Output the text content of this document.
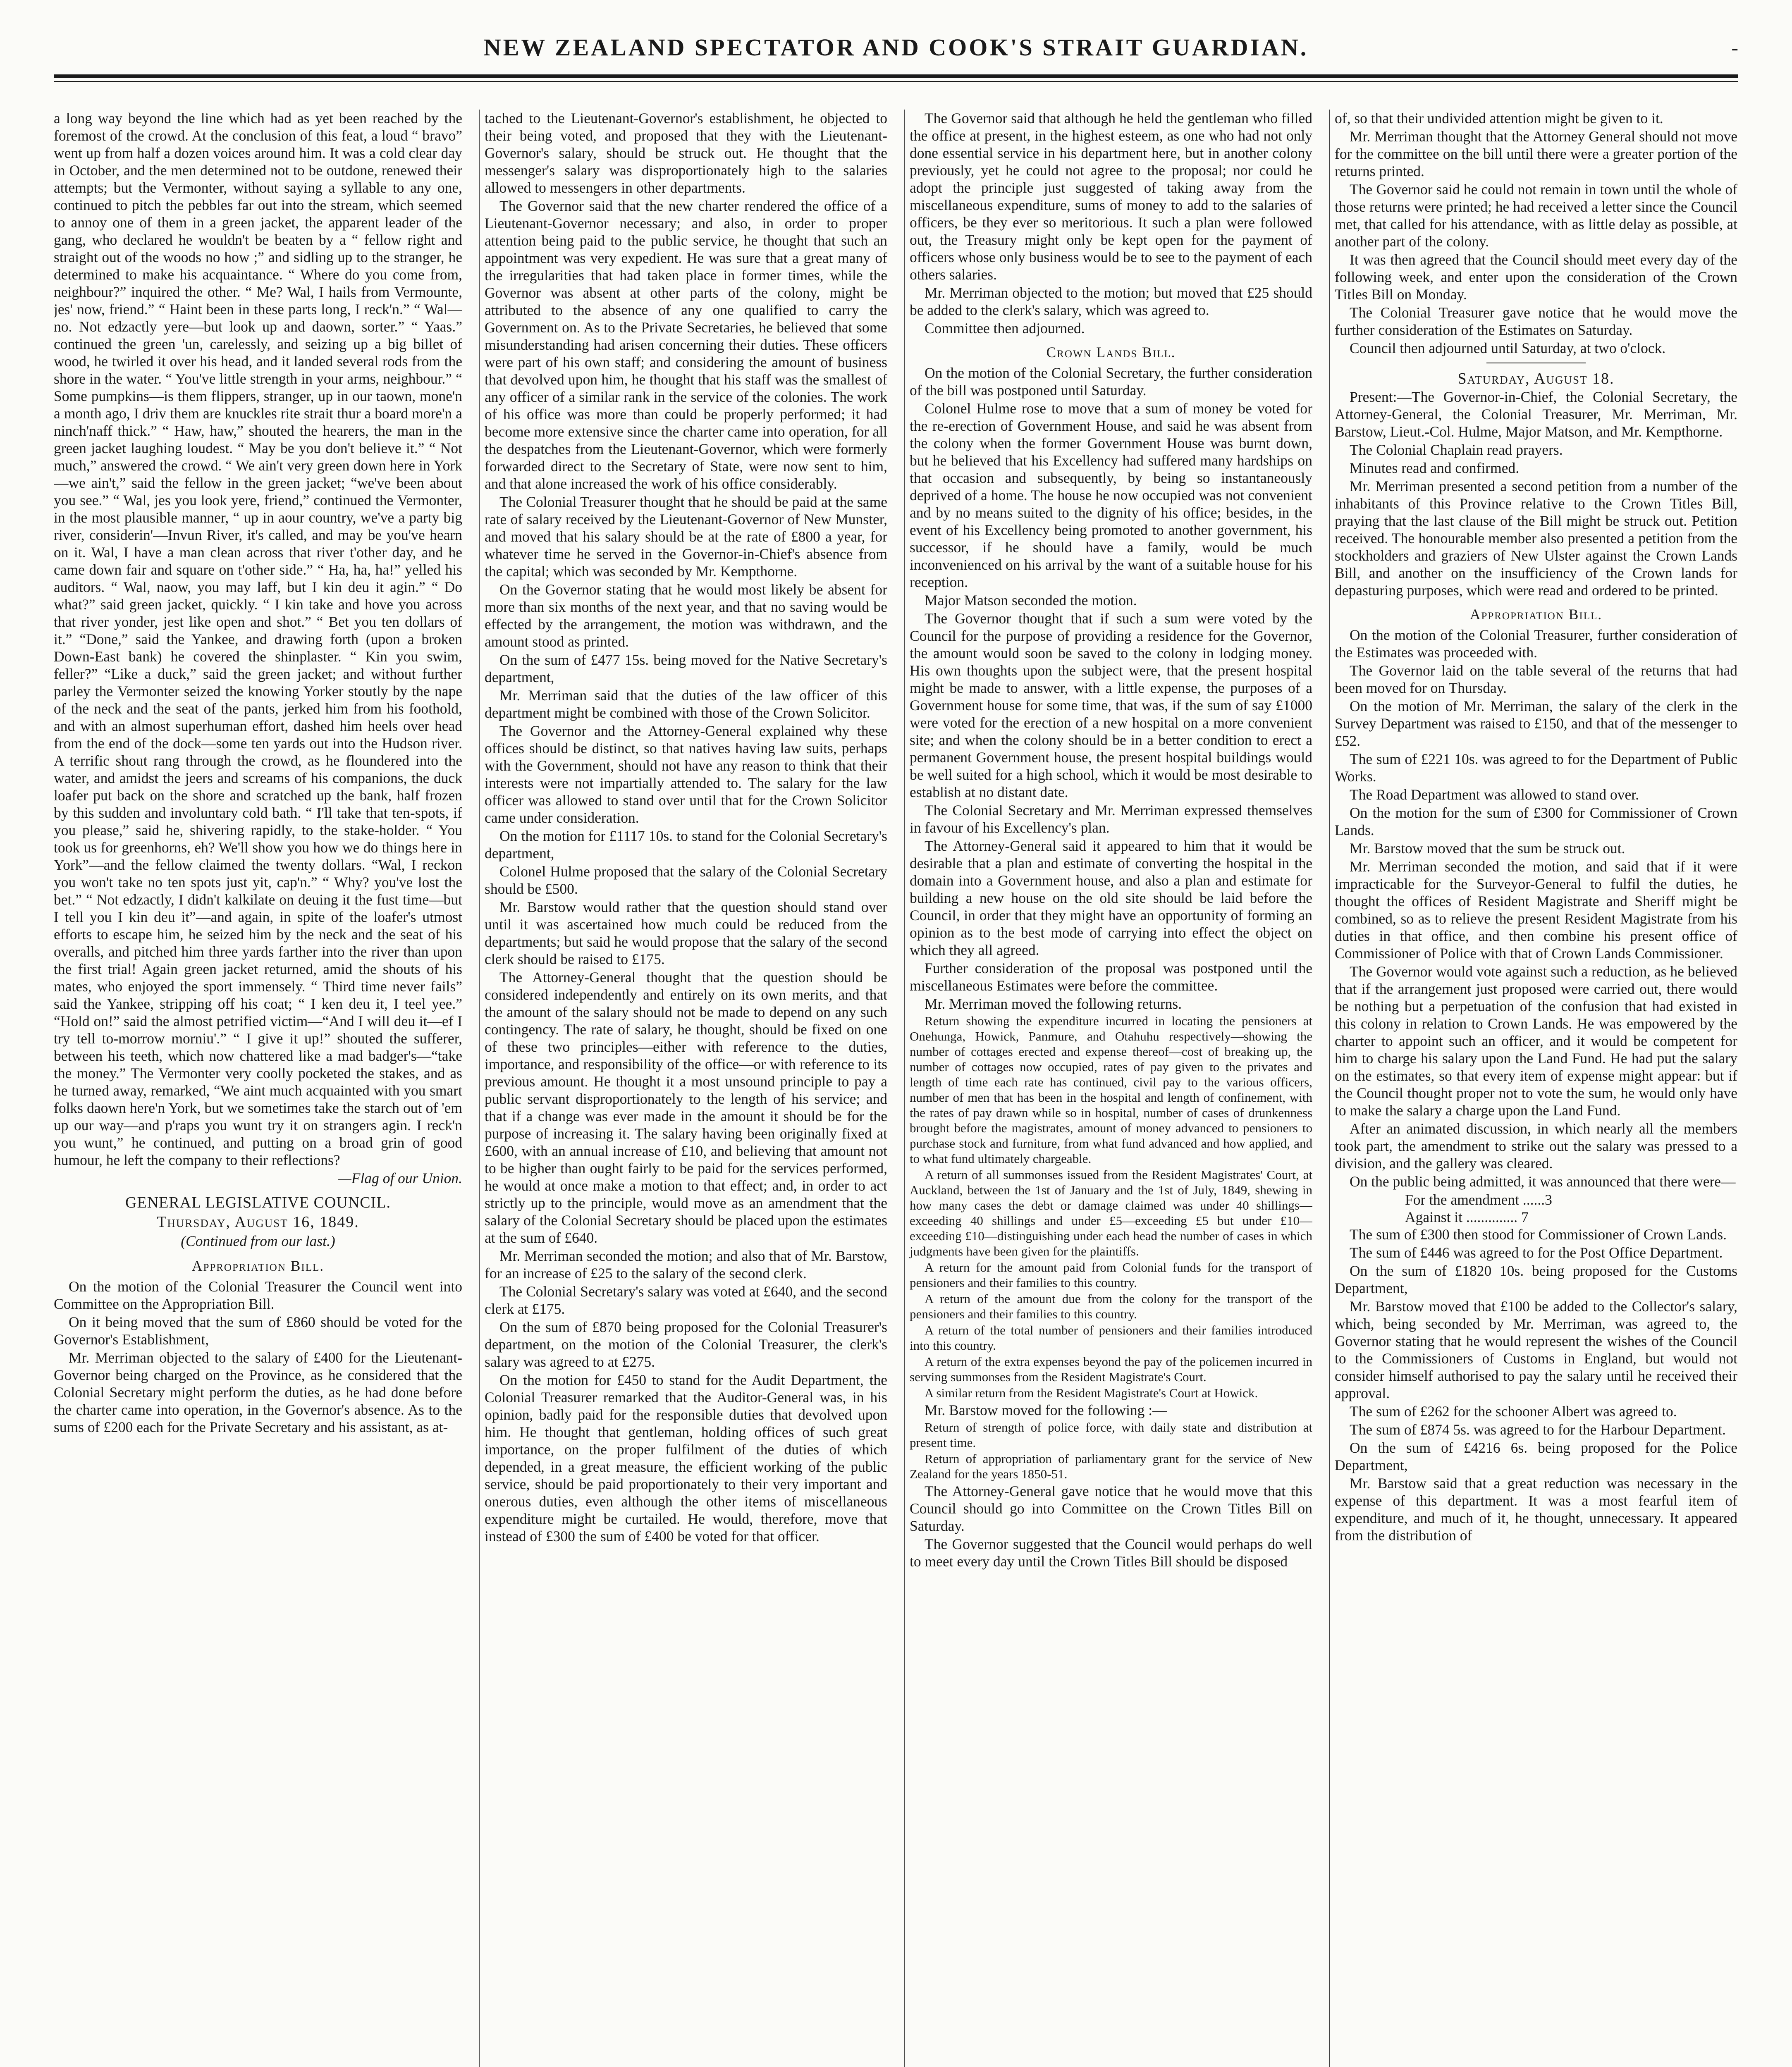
NEW ZEALAND SPECTATOR AND COOK'S STRAIT GUARDIAN.	-

a long way beyond the line which had as yet been reached by the foremost of the crowd. At the conclusion of this feat, a loud “ bravo” went up from half a dozen voices around him. It was a cold clear day in October, and the men determined not to be outdone, renewed their attempts; but the Vermonter, without saying a syllable to any one, continued to pitch the pebbles far out into the stream, which seemed to annoy one of them in a green jacket, the apparent leader of the gang, who declared he wouldn't be beaten by a “ fellow right and straight out of the woods no how ;” and sidling up to the stranger, he determined to make his acquaintance. “ Where do you come from, neighbour?” inquired the other. “ Me? Wal, I hails from Vermounte, jes' now, friend.” “ Haint been in these parts long, I reck'n.” “ Wal—no. Not edzactly yere—but look up and daown, sorter.” “ Yaas.” continued the green 'un, carelessly, and seizing up a big billet of wood, he twirled it over his head, and it landed several rods from the shore in the water. “ You've little strength in your arms, neighbour.” “ Some pumpkins—is them flippers, stranger, up in our taown, mone'n a month ago, I driv them are knuckles rite strait thur a board more'n a ninch'naff thick.” “ Haw, haw,” shouted the hearers, the man in the green jacket laughing loudest. “ May be you don't believe it.” “ Not much,” answered the crowd. “ We ain't very green down here in York—we ain't,” said the fellow in the green jacket; “we've been about you see.” “ Wal, jes you look yere, friend,” continued the Vermonter, in the most plausible manner, “ up in aour country, we've a party big river, considerin'—Invun River, it's called, and may be you've hearn on it. Wal, I have a man clean across that river t'other day, and he came down fair and square on t'other side.” “ Ha, ha, ha!” yelled his auditors. “ Wal, naow, you may laff, but I kin deu it agin.” “ Do what?” said green jacket, quickly. “ I kin take and hove you across that river yonder, jest like open and shot.” “ Bet you ten dollars of it.” “Done,” said the Yankee, and drawing forth (upon a broken Down-East bank) he covered the shinplaster. “ Kin you swim, feller?” “Like a duck,” said the green jacket; and without further parley the Vermonter seized the knowing Yorker stoutly by the nape of the neck and the seat of the pants, jerked him from his foothold, and with an almost superhuman effort, dashed him heels over head from the end of the dock—some ten yards out into the Hudson river. A terrific shout rang through the crowd, as he floundered into the water, and amidst the jeers and screams of his companions, the duck loafer put back on the shore and scratched up the bank, half frozen by this sudden and involuntary cold bath. “ I'll take that ten-spots, if you please,” said he, shivering rapidly, to the stake-holder. “ You took us for greenhorns, eh? We'll show you how we do things here in York”—and the fellow claimed the twenty dollars. “Wal, I reckon you won't take no ten spots just yit, cap'n.” “ Why? you've lost the bet.” “ Not edzactly, I didn't kalkilate on deuing it the fust time—but I tell you I kin deu it”—and again, in spite of the loafer's utmost efforts to escape him, he seized him by the neck and the seat of his overalls, and pitched him three yards farther into the river than upon the first trial! Again green jacket returned, amid the shouts of his mates, who enjoyed the sport immensely. “ Third time never fails” said the Yankee, stripping off his coat; “ I ken deu it, I teel yee.” “Hold on!” said the almost petrified victim—“And I will deu it—ef I try tell to-morrow morniu'.” “ I give it up!” shouted the sufferer, between his teeth, which now chattered like a mad badger's—“take the money.” The Vermonter very coolly pocketed the stakes, and as he turned away, remarked, “We aint much acquainted with you smart folks daown here'n York, but we sometimes take the starch out of 'em up our way—and p'raps you wunt try it on strangers agin. I reck'n you wunt,” he continued, and putting on a broad grin of good humour, he left the company to their reflections?

—Flag of our Union.

GENERAL LEGISLATIVE COUNCIL.
Thursday, August 16, 1849.
(Continued from our last.)
Appropriation Bill.

On the motion of the Colonial Treasurer the Council went into Committee on the Appropriation Bill.

On it being moved that the sum of £860 should be voted for the Governor's Establishment,

Mr. Merriman objected to the salary of £400 for the Lieutenant-Governor being charged on the Province, as he considered that the Colonial Secretary might perform the duties, as he had done before the charter came into operation, in the Governor's absence. As to the sums of £200 each for the Private Secretary and his assistant, as at-

tached to the Lieutenant-Governor's establishment, he objected to their being voted, and proposed that they with the Lieutenant-Governor's salary, should be struck out. He thought that the messenger's salary was disproportionately high to the salaries allowed to messengers in other departments.

The Governor said that the new charter rendered the office of a Lieutenant-Governor necessary; and also, in order to proper attention being paid to the public service, he thought that such an appointment was very expedient. He was sure that a great many of the irregularities that had taken place in former times, while the Governor was absent at other parts of the colony, might be attributed to the absence of any one qualified to carry the Government on. As to the Private Secretaries, he believed that some misunderstanding had arisen concerning their duties. These officers were part of his own staff; and considering the amount of business that devolved upon him, he thought that his staff was the smallest of any officer of a similar rank in the service of the colonies. The work of his office was more than could be properly performed; it had become more extensive since the charter came into operation, for all the despatches from the Lieutenant-Governor, which were formerly forwarded direct to the Secretary of State, were now sent to him, and that alone increased the work of his office considerably.

The Colonial Treasurer thought that he should be paid at the same rate of salary received by the Lieutenant-Governor of New Munster, and moved that his salary should be at the rate of £800 a year, for whatever time he served in the Governor-in-Chief's absence from the capital; which was seconded by Mr. Kempthorne.

On the Governor stating that he would most likely be absent for more than six months of the next year, and that no saving would be effected by the arrangement, the motion was withdrawn, and the amount stood as printed.

On the sum of £477 15s. being moved for the Native Secretary's department,

Mr. Merriman said that the duties of the law officer of this department might be combined with those of the Crown Solicitor.

The Governor and the Attorney-General explained why these offices should be distinct, so that natives having law suits, perhaps with the Government, should not have any reason to think that their interests were not impartially attended to. The salary for the law officer was allowed to stand over until that for the Crown Solicitor came under consideration.

On the motion for £1117 10s. to stand for the Colonial Secretary's department,

Colonel Hulme proposed that the salary of the Colonial Secretary should be £500.

Mr. Barstow would rather that the question should stand over until it was ascertained how much could be reduced from the departments; but said he would propose that the salary of the second clerk should be raised to £175.

The Attorney-General thought that the question should be considered independently and entirely on its own merits, and that the amount of the salary should not be made to depend on any such contingency. The rate of salary, he thought, should be fixed on one of these two principles—either with reference to the duties, importance, and responsibility of the office—or with reference to its previous amount. He thought it a most unsound principle to pay a public servant disproportionately to the length of his service; and that if a change was ever made in the amount it should be for the purpose of increasing it. The salary having been originally fixed at £600, with an annual increase of £10, and believing that amount not to be higher than ought fairly to be paid for the services performed, he would at once make a motion to that effect; and, in order to act strictly up to the principle, would move as an amendment that the salary of the Colonial Secretary should be placed upon the estimates at the sum of £640.

Mr. Merriman seconded the motion; and also that of Mr. Barstow, for an increase of £25 to the salary of the second clerk.

The Colonial Secretary's salary was voted at £640, and the second clerk at £175.

On the sum of £870 being proposed for the Colonial Treasurer's department, on the motion of the Colonial Treasurer, the clerk's salary was agreed to at £275.

On the motion for £450 to stand for the Audit Department, the Colonial Treasurer remarked that the Auditor-General was, in his opinion, badly paid for the responsible duties that devolved upon him. He thought that gentleman, holding offices of such great importance, on the proper fulfilment of the duties of which depended, in a great measure, the efficient working of the public service, should be paid proportionately to their very important and onerous duties, even although the other items of miscellaneous expenditure might be curtailed. He would, therefore, move that instead of £300 the sum of £400 be voted for that officer.

The Governor said that although he held the gentleman who filled the office at present, in the highest esteem, as one who had not only done essential service in his department here, but in another colony previously, yet he could not agree to the proposal; nor could he adopt the principle just suggested of taking away from the miscellaneous expenditure, sums of money to add to the salaries of officers, be they ever so meritorious. It such a plan were followed out, the Treasury might only be kept open for the payment of officers whose only business would be to see to the payment of each others salaries.

Mr. Merriman objected to the motion; but moved that £25 should be added to the clerk's salary, which was agreed to.

Committee then adjourned.

Crown Lands Bill.

On the motion of the Colonial Secretary, the further consideration of the bill was postponed until Saturday.

Colonel Hulme rose to move that a sum of money be voted for the re-erection of Government House, and said he was absent from the colony when the former Government House was burnt down, but he believed that his Excellency had suffered many hardships on that occasion and subsequently, by being so instantaneously deprived of a home. The house he now occupied was not convenient and by no means suited to the dignity of his office; besides, in the event of his Excellency being promoted to another government, his successor, if he should have a family, would be much inconvenienced on his arrival by the want of a suitable house for his reception.

Major Matson seconded the motion.

The Governor thought that if such a sum were voted by the Council for the purpose of providing a residence for the Governor, the amount would soon be saved to the colony in lodging money. His own thoughts upon the subject were, that the present hospital might be made to answer, with a little expense, the purposes of a Government house for some time, that was, if the sum of say £1000 were voted for the erection of a new hospital on a more convenient site; and when the colony should be in a better condition to erect a permanent Government house, the present hospital buildings would be well suited for a high school, which it would be most desirable to establish at no distant date.

The Colonial Secretary and Mr. Merriman expressed themselves in favour of his Excellency's plan.

The Attorney-General said it appeared to him that it would be desirable that a plan and estimate of converting the hospital in the domain into a Government house, and also a plan and estimate for building a new house on the old site should be laid before the Council, in order that they might have an opportunity of forming an opinion as to the best mode of carrying into effect the object on which they all agreed.

Further consideration of the proposal was postponed until the miscellaneous Estimates were before the committee.

Mr. Merriman moved the following returns.

Return showing the expenditure incurred in locating the pensioners at Onehunga, Howick, Panmure, and Otahuhu respectively—showing the number of cottages erected and expense thereof—cost of breaking up, the number of cottages now occupied, rates of pay given to the privates and length of time each rate has continued, civil pay to the various officers, number of men that has been in the hospital and length of confinement, with the rates of pay drawn while so in hospital, number of cases of drunkenness brought before the magistrates, amount of money advanced to pensioners to purchase stock and furniture, from what fund advanced and how applied, and to what fund ultimately chargeable.

A return of all summonses issued from the Resident Magistrates' Court, at Auckland, between the 1st of January and the 1st of July, 1849, shewing in how many cases the debt or damage claimed was under 40 shillings—exceeding 40 shillings and under £5—exceeding £5 but under £10—exceeding £10—distinguishing under each head the number of cases in which judgments have been given for the plaintiffs.

A return for the amount paid from Colonial funds for the transport of pensioners and their families to this country.

A return of the amount due from the colony for the transport of the pensioners and their families to this country.

A return of the total number of pensioners and their families introduced into this country.

A return of the extra expenses beyond the pay of the policemen incurred in serving summonses from the Resident Magistrate's Court.

A similar return from the Resident Magistrate's Court at Howick.

Mr. Barstow moved for the following :—

Return of strength of police force, with daily state and distribution at present time.

Return of appropriation of parliamentary grant for the service of New Zealand for the years 1850-51.

The Attorney-General gave notice that he would move that this Council should go into Committee on the Crown Titles Bill on Saturday.

The Governor suggested that the Council would perhaps do well to meet every day until the Crown Titles Bill should be disposed

of, so that their undivided attention might be given to it.

Mr. Merriman thought that the Attorney General should not move for the committee on the bill until there were a greater portion of the returns printed.

The Governor said he could not remain in town until the whole of those returns were printed; he had received a letter since the Council met, that called for his attendance, with as little delay as possible, at another part of the colony.

It was then agreed that the Council should meet every day of the following week, and enter upon the consideration of the Crown Titles Bill on Monday.

The Colonial Treasurer gave notice that he would move the further consideration of the Estimates on Saturday.

Council then adjourned until Saturday, at two o'clock.

Saturday, August 18.

Present:—The Governor-in-Chief, the Colonial Secretary, the Attorney-General, the Colonial Treasurer, Mr. Merriman, Mr. Barstow, Lieut.-Col. Hulme, Major Matson, and Mr. Kempthorne.

The Colonial Chaplain read prayers.

Minutes read and confirmed.

Mr. Merriman presented a second petition from a number of the inhabitants of this Province relative to the Crown Titles Bill, praying that the last clause of the Bill might be struck out. Petition received. The honourable member also presented a petition from the stockholders and graziers of New Ulster against the Crown Lands Bill, and another on the insufficiency of the Crown lands for depasturing purposes, which were read and ordered to be printed.

Appropriation Bill.

On the motion of the Colonial Treasurer, further consideration of the Estimates was proceeded with.

The Governor laid on the table several of the returns that had been moved for on Thursday.

On the motion of Mr. Merriman, the salary of the clerk in the Survey Department was raised to £150, and that of the messenger to £52.

The sum of £221 10s. was agreed to for the Department of Public Works.

The Road Department was allowed to stand over.

On the motion for the sum of £300 for Commissioner of Crown Lands.

Mr. Barstow moved that the sum be struck out.

Mr. Merriman seconded the motion, and said that if it were impracticable for the Surveyor-General to fulfil the duties, he thought the offices of Resident Magistrate and Sheriff might be combined, so as to relieve the present Resident Magistrate from his duties in that office, and then combine his present office of Commissioner of Police with that of Crown Lands Commissioner.

The Governor would vote against such a reduction, as he believed that if the arrangement just proposed were carried out, there would be nothing but a perpetuation of the confusion that had existed in this colony in relation to Crown Lands. He was empowered by the charter to appoint such an officer, and it would be competent for him to charge his salary upon the Land Fund. He had put the salary on the estimates, so that every item of expense might appear: but if the Council thought proper not to vote the sum, he would only have to make the salary a charge upon the Land Fund.

After an animated discussion, in which nearly all the members took part, the amendment to strike out the salary was pressed to a division, and the gallery was cleared.

On the public being admitted, it was announced that there were—

For the amendment ......3
Against it .............. 7

The sum of £300 then stood for Commissioner of Crown Lands.

The sum of £446 was agreed to for the Post Office Department.

On the sum of £1820 10s. being proposed for the Customs Department,

Mr. Barstow moved that £100 be added to the Collector's salary, which, being seconded by Mr. Merriman, was agreed to, the Governor stating that he would represent the wishes of the Council to the Commissioners of Customs in England, but would not consider himself authorised to pay the salary until he received their approval.

The sum of £262 for the schooner Albert was agreed to.

The sum of £874 5s. was agreed to for the Harbour Department.

On the sum of £4216 6s. being proposed for the Police Department,

Mr. Barstow said that a great reduction was necessary in the expense of this department. It was a most fearful item of expenditure, and much of it, he thought, unnecessary. It appeared from the distribution of
